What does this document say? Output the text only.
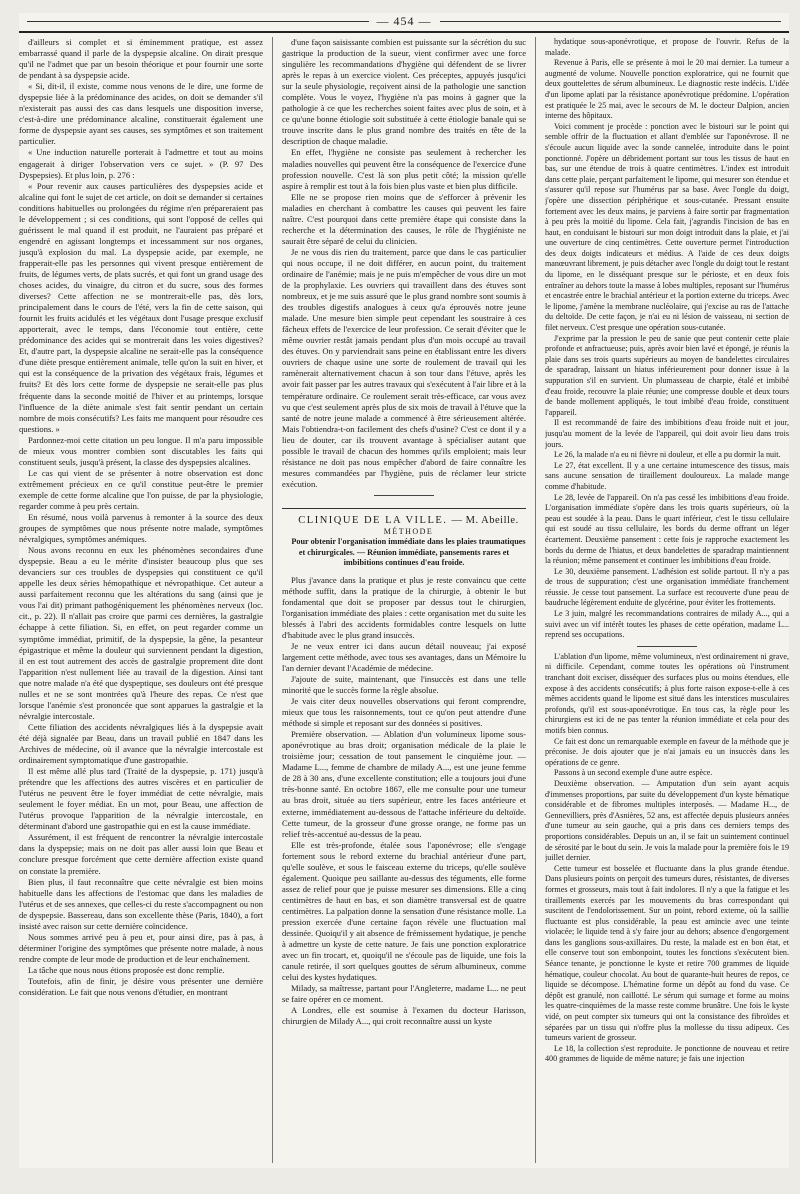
— 454 —

d'ailleurs si complet et si éminemment pratique, est assez embarrassé quand il parle de la dyspepsie alcaline. On dirait presque qu'il ne l'admet que par un besoin théorique et pour fournir une sorte de pendant à sa dyspepsie acide.

« Si, dit-il, il existe, comme nous venons de le dire, une forme de dyspepsie liée à la prédominance des acides, on doit se demander s'il n'existerait pas aussi des cas dans lesquels une disposition inverse, c'est-à-dire une prédominance alcaline, constituerait également une forme de dyspepsie ayant ses causes, ses symptômes et son traitement particulier.

« Une induction naturelle porterait à l'admettre et tout au moins engagerait à diriger l'observation vers ce sujet. » (P. 97 Des Dyspepsies). Et plus loin, p. 276 :

« Pour revenir aux causes particulières des dyspepsies acide et alcaline qui font le sujet de cet article, on doit se demander si certaines conditions habituelles ou prolongées du régime n'en prépareraient pas le développement ; si ces conditions, qui sont l'opposé de celles qui guérissent le mal quand il est produit, ne l'auraient pas préparé et engendré en agissant longtemps et incessamment sur nos organes, jusqu'à explosion du mal. La dyspepsie acide, par exemple, ne frapperait-elle pas les personnes qui vivent presque entièrement de fruits, de légumes verts, de plats sucrés, et qui font un grand usage des choses acides, du vinaigre, du citron et du sucre, sous des formes diverses? Cette affection ne se montrerait-elle pas, dès lors, principalement dans le cours de l'été, vers la fin de cette saison, qui fournit les fruits acidulés et les végétaux dont l'usage presque exclusif apporterait, avec le temps, dans l'économie tout entière, cette prédominance des acides qui se montrerait dans les voies digestives? Et, d'autre part, la dyspepsie alcaline ne serait-elle pas la conséquence d'une diète presque entièrement animale, telle qu'on la suit en hiver, et qui est la conséquence de la privation des végétaux frais, légumes et fruits? Et dès lors cette forme de dyspepsie ne serait-elle pas plus fréquente dans la seconde moitié de l'hiver et au printemps, lorsque l'influence de la diète animale s'est fait sentir pendant un certain nombre de mois consécutifs? Les faits me manquent pour résoudre ces questions. »

Pardonnez-moi cette citation un peu longue. Il m'a paru impossible de mieux vous montrer combien sont discutables les faits qui constituent seuls, jusqu'à présent, la classe des dyspepsies alcalines.

Le cas qui vient de se présenter à notre observation est donc extrêmement précieux en ce qu'il constitue peut-être le premier exemple de cette forme alcaline que l'on puisse, de par la physiologie, regarder comme à peu près certain.

En résumé, nous voilà parvenus à remonter à la source des deux groupes de symptômes que nous présente notre malade, symptômes névralgiques, symptômes anémiques.

Nous avons reconnu en eux les phénomènes secondaires d'une dyspepsie. Beau a eu le mérite d'insister beaucoup plus que ses devanciers sur ces troubles de dyspepsies qui constituent ce qu'il appelle les deux séries hémopathique et névropathique. Cet auteur a aussi parfaitement reconnu que les altérations du sang (ainsi que je vous l'ai dit) primant pathogéniquement les phénomènes nerveux (loc. cit., p. 22). Il n'allait pas croire que parmi ces dernières, la gastralgie échappe à cette filiation. Si, en effet, on peut regarder comme un symptôme immédiat, primitif, de la dyspepsie, la gêne, la pesanteur épigastrique et même la douleur qui surviennent pendant la digestion, il en est tout autrement des accès de gastralgie proprement dite dont l'apparition n'est nullement liée au travail de la digestion. Ainsi tant que notre malade n'a été que dyspeptique, ses douleurs ont été presque nulles et ne se sont montrées qu'à l'heure des repas. Ce n'est que lorsque l'anémie s'est prononcée que sont apparues la gastralgie et la névralgie intercostale.

Cette filiation des accidents névralgiques liés à la dyspepsie avait été déjà signalée par Beau, dans un travail publié en 1847 dans les Archives de médecine, où il avance que la névralgie intercostale est ordinairement symptomatique d'une gastropathie.

Il est même allé plus tard (Traité de la dyspepsie, p. 171) jusqu'à prétendre que les affections des autres viscères et en particulier de l'utérus ne peuvent être le foyer immédiat de cette névralgie, mais seulement le foyer médiat. En un mot, pour Beau, une affection de l'utérus provoque l'apparition de la névralgie intercostale, en déterminant d'abord une gastropathie qui en est la cause immédiate.

Assurément, il est fréquent de rencontrer la névralgie intercostale dans la dyspepsie; mais on ne doit pas aller aussi loin que Beau et conclure presque forcément que cette dernière affection existe quand on constate la première.

Bien plus, il faut reconnaître que cette névralgie est bien moins habituelle dans les affections de l'estomac que dans les maladies de l'utérus et de ses annexes, que celles-ci du reste s'accompagnent ou non de dyspepsie. Bassereau, dans son excellente thèse (Paris, 1840), a fort insisté avec raison sur cette dernière coïncidence.

Nous sommes arrivé peu à peu et, pour ainsi dire, pas à pas, à déterminer l'origine des symptômes que présente notre malade, à nous rendre compte de leur mode de production et de leur enchaînement.

La tâche que nous nous étions proposée est donc remplie.

Toutefois, afin de finir, je désire vous présenter une dernière considération. Le fait que nous venons d'étudier, en montrant

d'une façon saisissante combien est puissante sur la sécrétion du suc gastrique la production de la sueur, vient confirmer avec une force singulière les recommandations d'hygiène qui défendent de se livrer après le repas à un exercice violent. Ces préceptes, appuyés jusqu'ici sur la seule physiologie, reçoivent ainsi de la pathologie une sanction complète. Vous le voyez, l'hygiène n'a pas moins à gagner que la pathologie à ce que les recherches soient faites avec plus de soin, et à ce qu'une bonne étiologie soit substituée à cette étiologie banale qui se trouve inscrite dans le plus grand nombre des traités en tête de la description de chaque maladie.

En effet, l'hygiène ne consiste pas seulement à rechercher les maladies nouvelles qui peuvent être la conséquence de l'exercice d'une profession nouvelle. C'est là son plus petit côté; la mission qu'elle aspire à remplir est tout à la fois bien plus vaste et bien plus difficile.

Elle ne se propose rien moins que de s'efforcer à prévenir les maladies en cherchant à combattre les causes qui peuvent les faire naître. C'est pourquoi dans cette première étape qui consiste dans la recherche et la détermination des causes, le rôle de l'hygiéniste ne saurait être séparé de celui du clinicien.

Je ne vous dis rien du traitement, parce que dans le cas particulier qui nous occupe, il ne doit différer, en aucun point, du traitement ordinaire de l'anémie; mais je ne puis m'empêcher de vous dire un mot de la prophylaxie. Les ouvriers qui travaillent dans des étuves sont nombreux, et je me suis assuré que le plus grand nombre sont soumis à des troubles digestifs analogues à ceux qu'a éprouvés notre jeune malade. Une mesure bien simple peut cependant les soustraire à ces fâcheux effets de l'exercice de leur profession. Ce serait d'éviter que le même ouvrier restât jamais pendant plus d'un mois occupé au travail des étuves. On y parviendrait sans peine en établissant entre les divers ouvriers de chaque usine une sorte de roulement de travail qui les ramènerait alternativement chacun à son tour dans l'étuve, après les avoir fait passer par les autres travaux qui s'exécutent à l'air libre et à la température ordinaire. Ce roulement serait très-efficace, car vous avez vu que c'est seulement après plus de six mois de travail à l'étuve que la santé de notre jeune malade a commencé à être sérieusement altérée. Mais l'obtiendra-t-on facilement des chefs d'usine? C'est ce dont il y a lieu de douter, car ils trouvent avantage à spécialiser autant que possible le travail de chacun des hommes qu'ils emploient; mais leur résistance ne doit pas nous empêcher d'abord de faire connaître les mesures commandées par l'hygiène, puis de réclamer leur stricte exécution.

CLINIQUE DE LA VILLE. — M. Abeille.

MÉTHODE

Pour obtenir l'organisation immédiate dans les plaies traumatiques et chirurgicales. — Réunion immédiate, pansements rares et imbibitions continues d'eau froide.

Plus j'avance dans la pratique et plus je reste convaincu que cette méthode suffit, dans la pratique de la chirurgie, à obtenir le but fondamental que doit se proposer par dessus tout le chirurgien, l'organisation immédiate des plaies : cette organisation met du suite les blessés à l'abri des accidents formidables contre lesquels on lutte d'habitude avec le plus grand insuccès.

Je ne veux entrer ici dans aucun détail nouveau; j'ai exposé largement cette méthode, avec tous ses avantages, dans un Mémoire lu l'an dernier devant l'Académie de médecine.

J'ajoute de suite, maintenant, que l'insuccès est dans une telle minorité que le succès forme la règle absolue.

Je vais citer deux nouvelles observations qui feront comprendre, mieux que tous les raisonnements, tout ce qu'on peut attendre d'une méthode si simple et reposant sur des données si positives.

Première observation. — Ablation d'un volumineux lipome sous-aponévrotique au bras droit; organisation médicale de la plaie le troisième jour; cessation de tout pansement le cinquième jour. — Madame L..., femme de chambre de milady A..., est une jeune femme de 28 à 30 ans, d'une excellente constitution; elle a toujours joui d'une très-bonne santé. En octobre 1867, elle me consulte pour une tumeur au bras droit, située au tiers supérieur, entre les faces antérieure et externe, immédiatement au-dessous de l'attache inférieure du deltoïde. Cette tumeur, de la grosseur d'une grosse orange, ne forme pas un relief très-accentué au-dessus de la peau.

Elle est très-profonde, étalée sous l'aponévrose; elle s'engage fortement sous le rebord externe du brachial antérieur d'une part, qu'elle soulève, et sous le faisceau externe du triceps, qu'elle soulève également. Quoique peu saillante au-dessus des téguments, elle forme assez de relief pour que je puisse mesurer ses dimensions. Elle a cinq centimètres de haut en bas, et son diamètre transversal est de quatre centimètres. La palpation donne la sensation d'une résistance molle. La pression exercée d'une certaine façon révèle une fluctuation mal dessinée. Quoiqu'il y ait absence de frémissement hydatique, je penche à admettre un kyste de cette nature. Je fais une ponction exploratrice avec un fin trocart, et, quoiqu'il ne s'écoule pas de liquide, une fois la canule retirée, il sort quelques gouttes de sérum albumineux, comme celui des kystes hydatiques.

Milady, sa maîtresse, partant pour l'Angleterre, madame L... ne peut se faire opérer en ce moment.

A Londres, elle est soumise à l'examen du docteur Harisson, chirurgien de Milady A..., qui croit reconnaître aussi un kyste

hydatique sous-aponévrotique, et propose de l'ouvrir. Refus de la malade.

Revenue à Paris, elle se présente à moi le 20 mai dernier. La tumeur a augmenté de volume. Nouvelle ponction exploratrice, qui ne fournit que deux gouttelettes de sérum albumineux. Le diagnostic reste indécis. L'idée d'un lipome aplati par la résistance aponévrotique prédomine. L'opération est pratiquée le 25 mai, avec le secours de M. le docteur Dalpion, ancien interne des hôpitaux.

Voici comment je procède : ponction avec le bistouri sur le point qui semble offrir de la fluctuation et allant d'emblée sur l'aponévrose. Il ne s'écoule aucun liquide avec la sonde cannelée, introduite dans le point ponctionné. J'opère un débridement portant sur tous les tissus de haut en bas, sur une étendue de trois à quatre centimètres. L'index est introduit dans cette plaie, perçant parfaitement le lipome, qui mesurer son étendue et s'assurer qu'il repose sur l'humérus par sa base. Avec l'ongle du doigt, j'opère une dissection périphérique et sous-cutanée. Pressant ensuite fortement avec les deux mains, je parviens à faire sortir par fragmentation à peu près la moitié du lipome. Cela fait, j'agrandis l'incision de bas en haut, en conduisant le bistouri sur mon doigt introduit dans la plaie, et j'ai une ouverture de cinq centimètres. Cette ouverture permet l'introduction des deux doigts indicateurs et médius. A l'aide de ces deux doigts manœuvrant librement, je puis détacher avec l'ongle du doigt tout le restant du lipome, en le disséquant presque sur le périoste, et en deux fois entraîner au dehors toute la masse à lobes multiples, reposant sur l'humérus et encastrée entre le brachial antérieur et la portion externe du triceps. Avec le lipome, j'amène la membrane nucléolaire, qui j'excise au ras de l'attache du deltoïde. De cette façon, je n'ai eu ni lésion de vaisseau, ni section de filet nerveux. C'est presque une opération sous-cutanée.

J'exprime par la pression le peu de sanie que peut contenir cette plaie profonde et anfractueuse; puis, après avoir bien lavé et épongé, je réunis la plaie dans ses trois quarts supérieurs au moyen de bandelettes circulaires de sparadrap, laissant un hiatus inférieurement pour donner issue à la suppuration s'il en survient. Un plumasseau de charpie, étalé et imbibé d'eau froide, recouvre la plaie réunie; une compresse double et deux tours de bande mollement appliqués, le tout imbibé d'eau froide, constituent l'appareil.

Il est recommandé de faire des imbibitions d'eau froide nuit et jour, jusqu'au moment de la levée de l'appareil, qui doit avoir lieu dans trois jours.

Le 26, la malade n'a eu ni fièvre ni douleur, et elle a pu dormir la nuit.

Le 27, état excellent. Il y a une certaine intumescence des tissus, mais sans aucune sensation de tiraillement douloureux. La malade mange comme d'habitude.

Le 28, levée de l'appareil. On n'a pas cessé les imbibitions d'eau froide. L'organisation immédiate s'opère dans les trois quarts supérieurs, où la peau est soudée à la peau. Dans le quart inférieur, c'est le tissu cellulaire qui est soudé au tissu cellulaire, les bords du derme offrant un léger écartement. Deuxième pansement : cette fois je rapproche exactement les bords du derme de l'hiatus, et deux bandelettes de sparadrap maintiennent la réunion; même pansement et continuer les imbibitions d'eau froide.

Le 30, deuxième pansement. L'adhésion est solide partout. Il n'y a pas de trous de suppuration; c'est une organisation immédiate franchement réussie. Je cesse tout pansement. La surface est recouverte d'une peau de baudruche légèrement enduite de glycérine, pour éviter les frottements.

Le 3 juin, malgré les recommandations contraires de milady A..., qui a suivi avec un vif intérêt toutes les phases de cette opération, madame L... reprend ses occupations.

L'ablation d'un lipome, même volumineux, n'est ordinairement ni grave, ni difficile. Cependant, comme toutes les opérations où l'instrument tranchant doit exciser, disséquer des surfaces plus ou moins étendues, elle expose à des accidents consécutifs; à plus forte raison expose-t-elle à ces mêmes accidents quand le lipome est situé dans les interstices musculaires profonds, qu'il est sous-aponévrotique. En tous cas, la règle pour les chirurgiens est ici de ne pas tenter la réunion immédiate et cela pour des motifs bien connus.

Ce fait est donc un remarquable exemple en faveur de la méthode que je préconise. Je dois ajouter que je n'ai jamais eu un insuccès dans les opérations de ce genre.

Passons à un second exemple d'une autre espèce.

Deuxième observation. — Amputation d'un sein ayant acquis d'immenses proportions, par suite du développement d'un kyste hématique considérable et de fibromes multiples interposés. — Madame H..., de Gennevilliers, près d'Asnières, 52 ans, est affectée depuis plusieurs années d'une tumeur au sein gauche, qui a pris dans ces derniers temps des proportions considérables. Depuis un an, il se fait un suintement continuel de sérosité par le bout du sein. Je vois la malade pour la première fois le 19 juillet dernier.

Cette tumeur est bosselée et fluctuante dans la plus grande étendue. Dans plusieurs points on perçoit des tumeurs dures, résistantes, de diverses formes et grosseurs, mais tout à fait indolores. Il n'y a que la fatigue et les tiraillements exercés par les mouvements du bras correspondant qui suscitent de l'endolorissement. Sur un point, rebord externe, où la saillie fluctuante est plus considérable, la peau est amincie avec une teinte violacée; le liquide tend à s'y faire jour au dehors; absence d'engorgement dans les ganglions sous-axillaires. Du reste, la malade est en bon état, et elle conserve tout son embonpoint, toutes les fonctions s'exécutent bien. Séance tenante, je ponctionne le kyste et retire 700 grammes de liquide hématique, couleur chocolat. Au bout de quarante-huit heures de repos, ce liquide se décompose. L'hématine forme un dépôt au fond du vase. Ce dépôt est granulé, non caillotté. Le sérum qui surnage et forme au moins les quatre-cinquièmes de la masse reste comme brunâtre. Une fois le kyste vidé, on peut compter six tumeurs qui ont la consistance des fibroïdes et séparées par un tissu qui n'offre plus la mollesse du tissu adipeux. Ces tumeurs varient de grosseur.

Le 18, la collection s'est reproduite. Je ponctionne de nouveau et retire 400 grammes de liquide de même nature; je fais une injection
